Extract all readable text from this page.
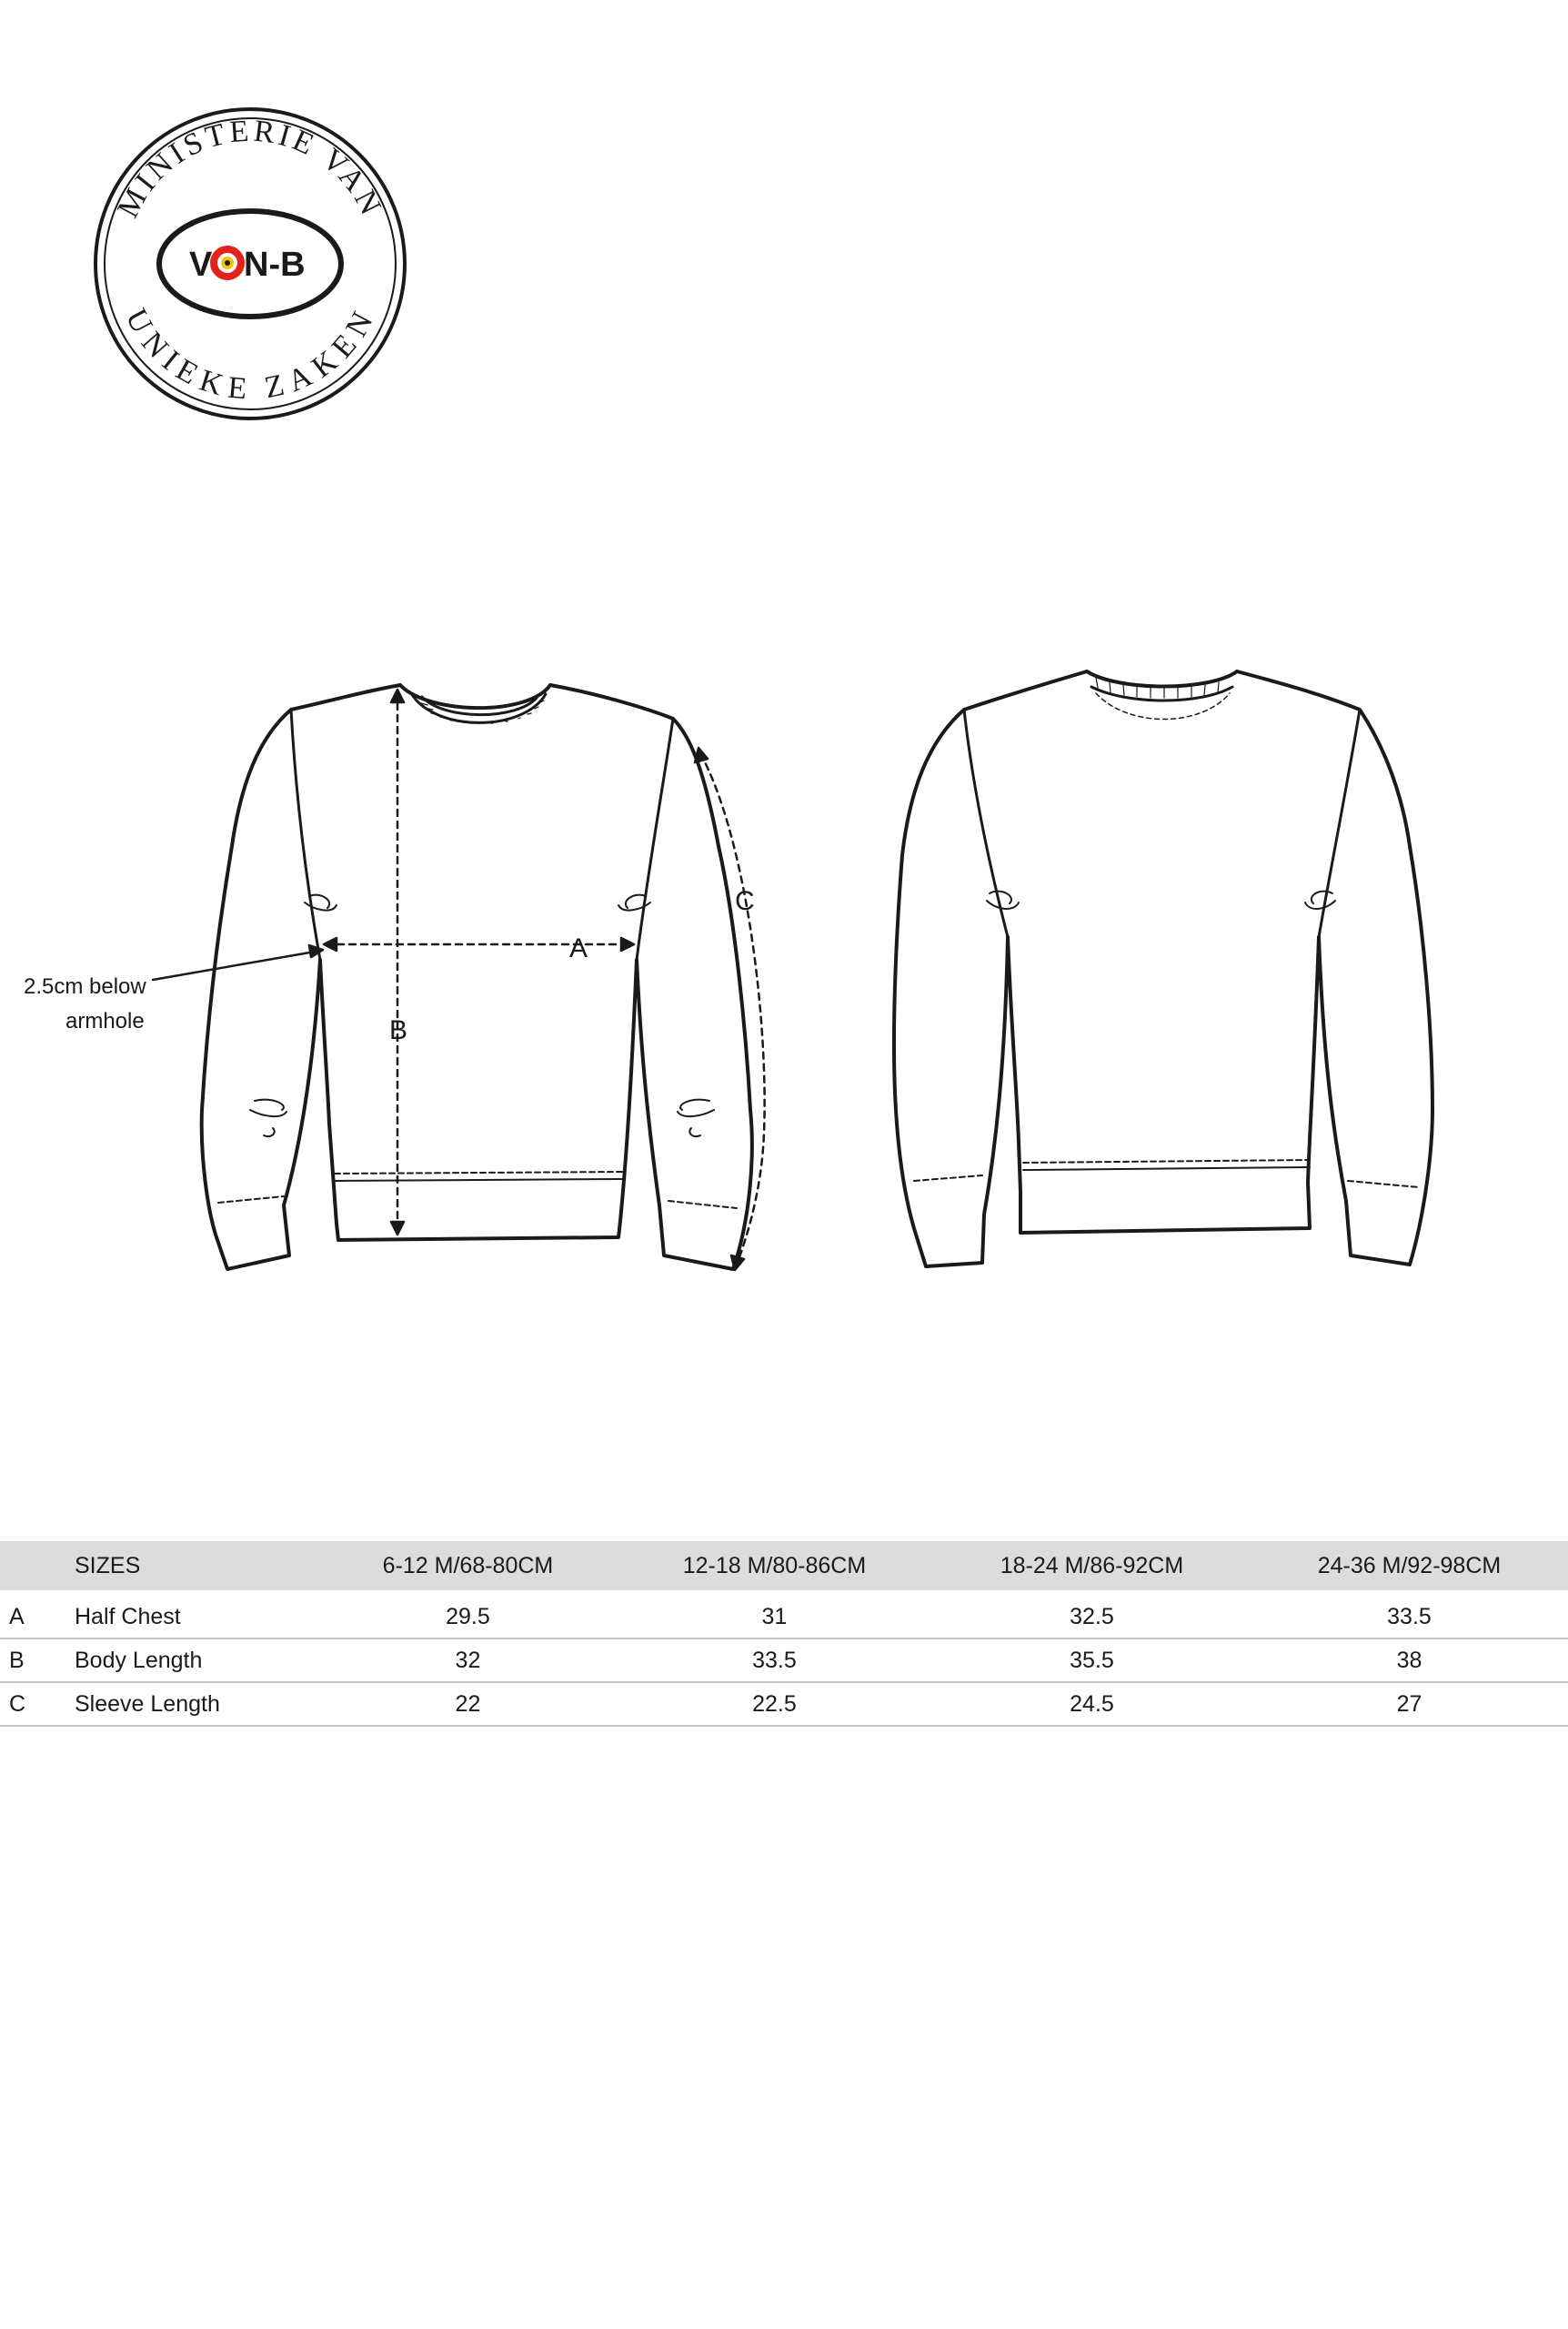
MINISTERIE VAN
UNIEKE ZAKEN
V N-B
A
B
C
2.5cm below
armhole
	SIZES	6-12 M/68-80CM	12-18 M/80-86CM	18-24 M/86-92CM	24-36 M/92-98CM
A	Half Chest	29.5	31	32.5	33.5
B	Body Length	32	33.5	35.5	38
C	Sleeve Length	22	22.5	24.5	27
